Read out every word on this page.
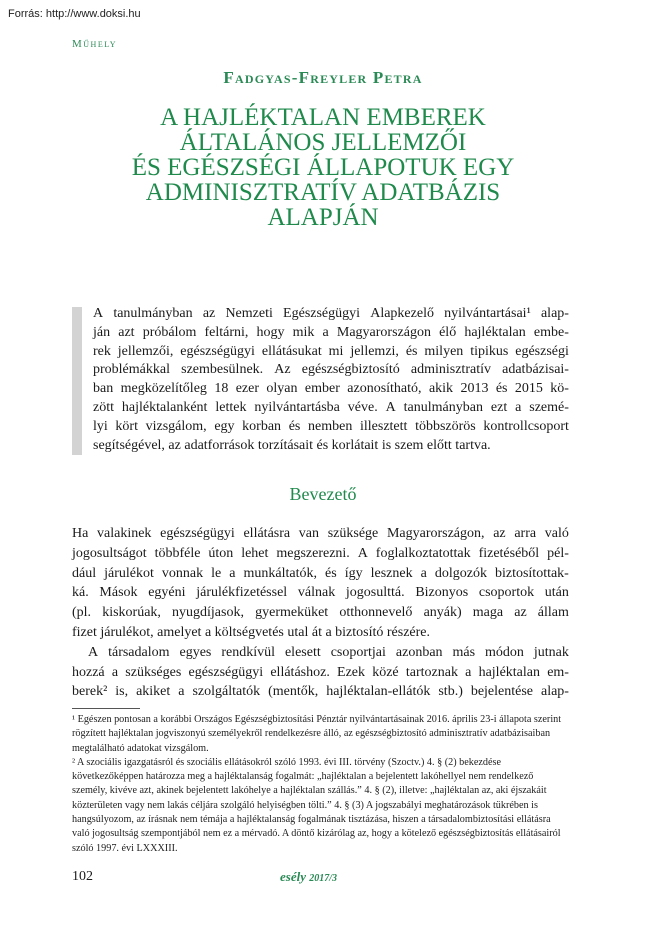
Forrás: http://www.doksi.hu
Műhely
Fadgyas-Freyler Petra
A HAJLÉKTALAN EMBEREK
ÁLTALÁNOS JELLEMZŐI
ÉS EGÉSZSÉGI ÁLLAPOTUK EGY
ADMINISZTRATÍV ADATBÁZIS
ALAPJÁN
A tanulmányban az Nemzeti Egészségügyi Alapkezelő nyilvántartásai¹ alap-
ján azt próbálom feltárni, hogy mik a Magyarországon élő hajléktalan embe-
rek jellemzői, egészségügyi ellátásukat mi jellemzi, és milyen tipikus egészségi
problémákkal szembesülnek. Az egészségbiztosító adminisztratív adatbázisai-
ban megközelítőleg 18 ezer olyan ember azonosítható, akik 2013 és 2015 kö-
zött hajléktalanként lettek nyilvántartásba véve. A tanulmányban ezt a szemé-
lyi kört vizsgálom, egy korban és nemben illesztett többszörös kontrollcsoport
segítségével, az adatforrások torzításait és korlátait is szem előtt tartva.
Bevezető
Ha valakinek egészségügyi ellátásra van szüksége Magyarországon, az arra való
jogosultságot többféle úton lehet megszerezni. A foglalkoztatottak fizetéséből pél-
dául járulékot vonnak le a munkáltatók, és így lesznek a dolgozók biztosítottak-
ká. Mások egyéni járulékfizetéssel válnak jogosulttá. Bizonyos csoportok után
(pl. kiskorúak, nyugdíjasok, gyermeküket otthonnevelő anyák) maga az állam
fizet járulékot, amelyet a költségvetés utal át a biztosító részére.
A társadalom egyes rendkívül elesett csoportjai azonban más módon jutnak
hozzá a szükséges egészségügyi ellátáshoz. Ezek közé tartoznak a hajléktalan em-
berek² is, akiket a szolgáltatók (mentők, hajléktalan-ellátók stb.) bejelentése alap-
¹ Egészen pontosan a korábbi Országos Egészségbiztosítási Pénztár nyilvántartásainak 2016. április 23-i állapota szerint rögzített hajléktalan jogviszonyú személyekről rendelkezésre álló, az egészségbiztosító adminisztratív adatbázisaiban megtalálható adatokat vizsgálom.
² A szociális igazgatásról és szociális ellátásokról szóló 1993. évi III. törvény (Szoctv.) 4. § (2) bekezdése következőképpen határozza meg a hajléktalanság fogalmát: „hajléktalan a bejelentett lakóhellyel nem rendelkező személy, kivéve azt, akinek bejelentett lakóhelye a hajléktalan szállás.” 4. § (2), illetve: „hajléktalan az, aki éjszakáit közterületen vagy nem lakás céljára szolgáló helyiségben tölti.” 4. § (3) A jogszabályi meghatározások tükrében is hangsúlyozom, az írásnak nem témája a hajléktalanság fogalmának tisztázása, hiszen a társadalombiztosítási ellátásra való jogosultság szempontjából nem ez a mérvadó. A döntő kizárólag az, hogy a kötelező egészségbiztosítás ellátásairól szóló 1997. évi LXXXIII.
102	esély 2017/3
